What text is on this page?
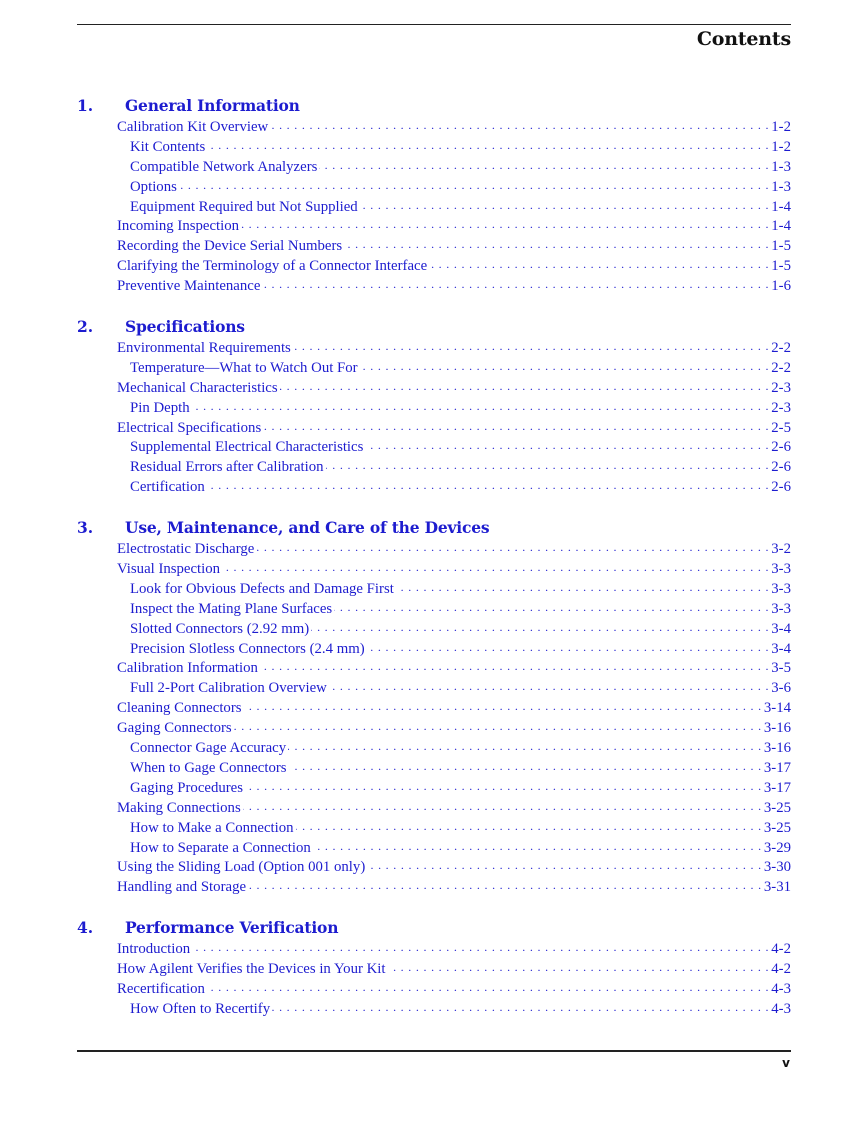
Contents
1.	General Information
Calibration Kit Overview . . .	1-2
Kit Contents . . .	1-2
Compatible Network Analyzers . . .	1-3
Options . . .	1-3
Equipment Required but Not Supplied . . .	1-4
Incoming Inspection . . .	1-4
Recording the Device Serial Numbers . . .	1-5
Clarifying the Terminology of a Connector Interface . . .	1-5
Preventive Maintenance . . .	1-6
2.	Specifications
Environmental Requirements . . .	2-2
Temperature—What to Watch Out For . . .	2-2
Mechanical Characteristics . . .	2-3
Pin Depth . . .	2-3
Electrical Specifications . . .	2-5
Supplemental Electrical Characteristics . . .	2-6
Residual Errors after Calibration . . .	2-6
Certification . . .	2-6
3.	Use, Maintenance, and Care of the Devices
Electrostatic Discharge . . .	3-2
Visual Inspection . . .	3-3
Look for Obvious Defects and Damage First . . .	3-3
Inspect the Mating Plane Surfaces . . .	3-3
Slotted Connectors (2.92 mm) . . .	3-4
Precision Slotless Connectors (2.4 mm) . . .	3-4
Calibration Information . . .	3-5
Full 2-Port Calibration Overview . . .	3-6
Cleaning Connectors . . .	3-14
Gaging Connectors . . .	3-16
Connector Gage Accuracy . . .	3-16
When to Gage Connectors . . .	3-17
Gaging Procedures . . .	3-17
Making Connections . . .	3-25
How to Make a Connection . . .	3-25
How to Separate a Connection . . .	3-29
Using the Sliding Load (Option 001 only) . . .	3-30
Handling and Storage . . .	3-31
4.	Performance Verification
Introduction . . .	4-2
How Agilent Verifies the Devices in Your Kit . . .	4-2
Recertification . . .	4-3
How Often to Recertify . . .	4-3
v
